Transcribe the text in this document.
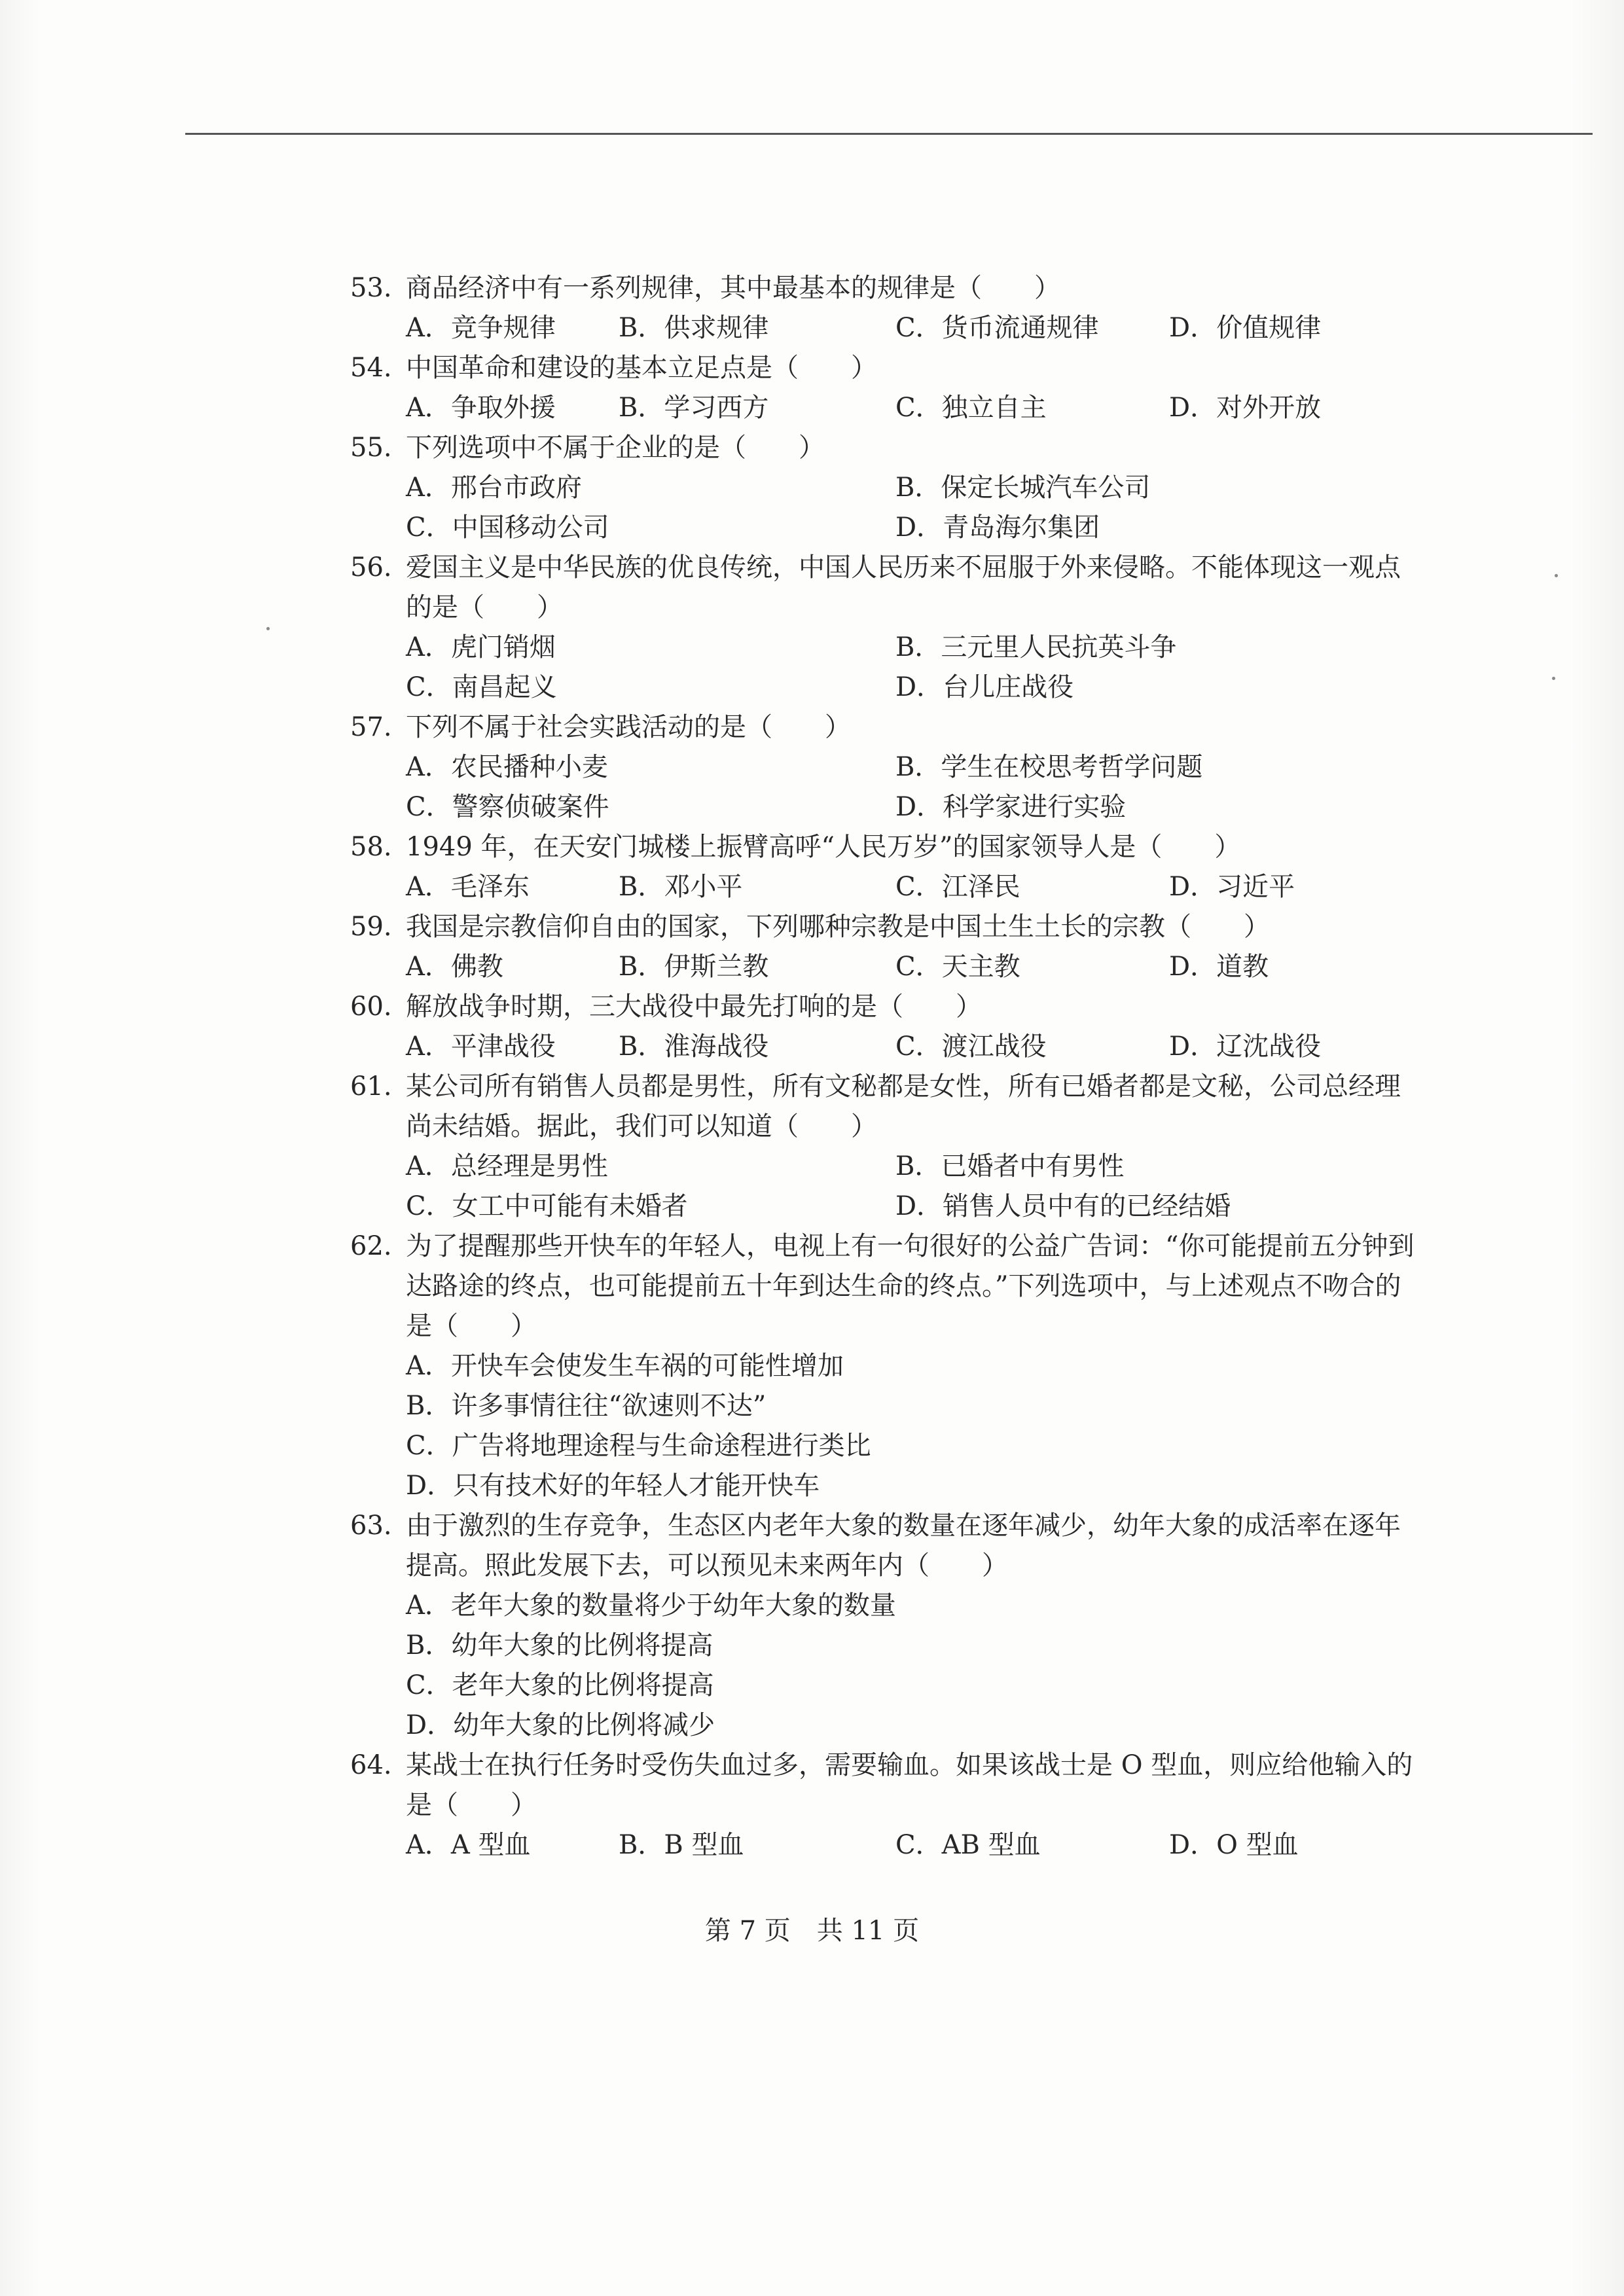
53. 商品经济中有一系列规律，其中最基本的规律是（　　）
A．竞争规律	B．供求规律	C．货币流通规律	D．价值规律
54. 中国革命和建设的基本立足点是（　　）
A．争取外援	B．学习西方	C．独立自主	D．对外开放
55. 下列选项中不属于企业的是（　　）
A．邢台市政府	B．保定长城汽车公司
C．中国移动公司	D．青岛海尔集团
56. 爱国主义是中华民族的优良传统，中国人民历来不屈服于外来侵略。不能体现这一观点的是（　　）
A．虎门销烟	B．三元里人民抗英斗争
C．南昌起义	D．台儿庄战役
57. 下列不属于社会实践活动的是（　　）
A．农民播种小麦	B．学生在校思考哲学问题
C．警察侦破案件	D．科学家进行实验
58. 1949 年，在天安门城楼上振臂高呼“人民万岁”的国家领导人是（　　）
A．毛泽东	B．邓小平	C．江泽民	D．习近平
59. 我国是宗教信仰自由的国家，下列哪种宗教是中国土生土长的宗教（　　）
A．佛教	B．伊斯兰教	C．天主教	D．道教
60. 解放战争时期，三大战役中最先打响的是（　　）
A．平津战役	B．淮海战役	C．渡江战役	D．辽沈战役
61. 某公司所有销售人员都是男性，所有文秘都是女性，所有已婚者都是文秘，公司总经理尚未结婚。据此，我们可以知道（　　）
A．总经理是男性	B．已婚者中有男性
C．女工中可能有未婚者	D．销售人员中有的已经结婚
62. 为了提醒那些开快车的年轻人，电视上有一句很好的公益广告词：“你可能提前五分钟到达路途的终点，也可能提前五十年到达生命的终点。”下列选项中，与上述观点不吻合的是（　　）
A．开快车会使发生车祸的可能性增加
B．许多事情往往“欲速则不达”
C．广告将地理途程与生命途程进行类比
D．只有技术好的年轻人才能开快车
63. 由于激烈的生存竞争，生态区内老年大象的数量在逐年减少，幼年大象的成活率在逐年提高。照此发展下去，可以预见未来两年内（　　）
A．老年大象的数量将少于幼年大象的数量
B．幼年大象的比例将提高
C．老年大象的比例将提高
D．幼年大象的比例将减少
64. 某战士在执行任务时受伤失血过多，需要输血。如果该战士是 O 型血，则应给他输入的是（　　）
A．A 型血	B．B 型血	C．AB 型血	D．O 型血
第 7 页　共 11 页
